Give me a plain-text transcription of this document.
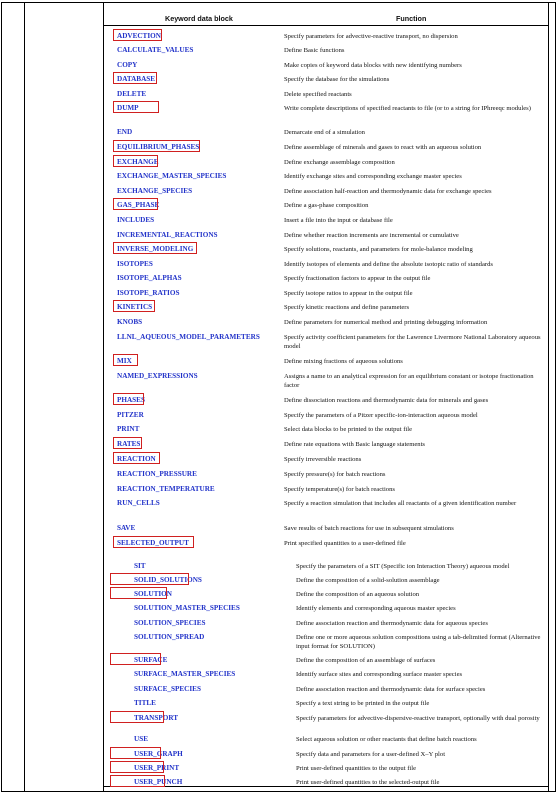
Keyword data block	Function
ADVECTION	Specify parameters for advective-reactive transport, no dispersion
CALCULATE_VALUES	Define Basic functions
COPY	Make copies of keyword data blocks with new identifying numbers
DATABASE	Specify the database for the simulations
DELETE	Delete specified reactants
DUMP	Write complete descriptions of specified reactants to file (or to a string for IPhreeqc modules)
END	Demarcate end of a simulation
EQUILIBRIUM_PHASES	Define assemblage of minerals and gases to react with an aqueous solution
EXCHANGE	Define exchange assemblage composition
EXCHANGE_MASTER_SPECIES	Identify exchange sites and corresponding exchange master species
EXCHANGE_SPECIES	Define association half-reaction and thermodynamic data for exchange species
GAS_PHASE	Define a gas-phase composition
INCLUDES	Insert a file into the input or database file
INCREMENTAL_REACTIONS	Define whether reaction increments are incremental or cumulative
INVERSE_MODELING	Specify solutions, reactants, and parameters for mole-balance modeling
ISOTOPES	Identify isotopes of elements and define the absolute isotopic ratio of standards
ISOTOPE_ALPHAS	Specify fractionation factors to appear in the output file
ISOTOPE_RATIOS	Specify isotope ratios to appear in the output file
KINETICS	Specify kinetic reactions and define parameters
KNOBS	Define parameters for numerical method and printing debugging information
LLNL_AQUEOUS_MODEL_PARAMETERS	Specify activity coefficient parameters for the Lawrence Livermore National Laboratory aqueous model
MIX	Define mixing fractions of aqueous solutions
NAMED_EXPRESSIONS	Assigns a name to an analytical expression for an equilibrium constant or isotope fractionation factor
PHASES	Define dissociation reactions and thermodynamic data for minerals and gases
PITZER	Specify the parameters of a Pitzer specific-ion-interaction aqueous model
PRINT	Select data blocks to be printed to the output file
RATES	Define rate equations with Basic language statements
REACTION	Specify irreversible reactions
REACTION_PRESSURE	Specify pressure(s) for batch reactions
REACTION_TEMPERATURE	Specify temperature(s) for batch reactions
RUN_CELLS	Specify a reaction simulation that includes all reactants of a given identification number
SAVE	Save results of batch reactions for use in subsequent simulations
SELECTED_OUTPUT	Print specified quantities to a user-defined file
SIT	Specify the parameters of a SIT (Specific ion Interaction Theory) aqueous model
SOLID_SOLUTIONS	Define the composition of a solid-solution assemblage
SOLUTION	Define the composition of an aqueous solution
SOLUTION_MASTER_SPECIES	Identify elements and corresponding aqueous master species
SOLUTION_SPECIES	Define association reaction and thermodynamic data for aqueous species
SOLUTION_SPREAD	Define one or more aqueous solution compositions using a tab-delimited format (Alternative input format for SOLUTION)
SURFACE	Define the composition of an assemblage of surfaces
SURFACE_MASTER_SPECIES	Identify surface sites and corresponding surface master species
SURFACE_SPECIES	Define association reaction and thermodynamic data for surface species
TITLE	Specify a text string to be printed in the output file
TRANSPORT	Specify parameters for advective-dispersive-reactive transport, optionally with dual porosity
USE	Select aqueous solution or other reactants that define batch reactions
USER_GRAPH	Specify data and parameters for a user-defined X–Y plot
USER_PRINT	Print user-defined quantities to the output file
USER_PUNCH	Print user-defined quantities to the selected-output file
